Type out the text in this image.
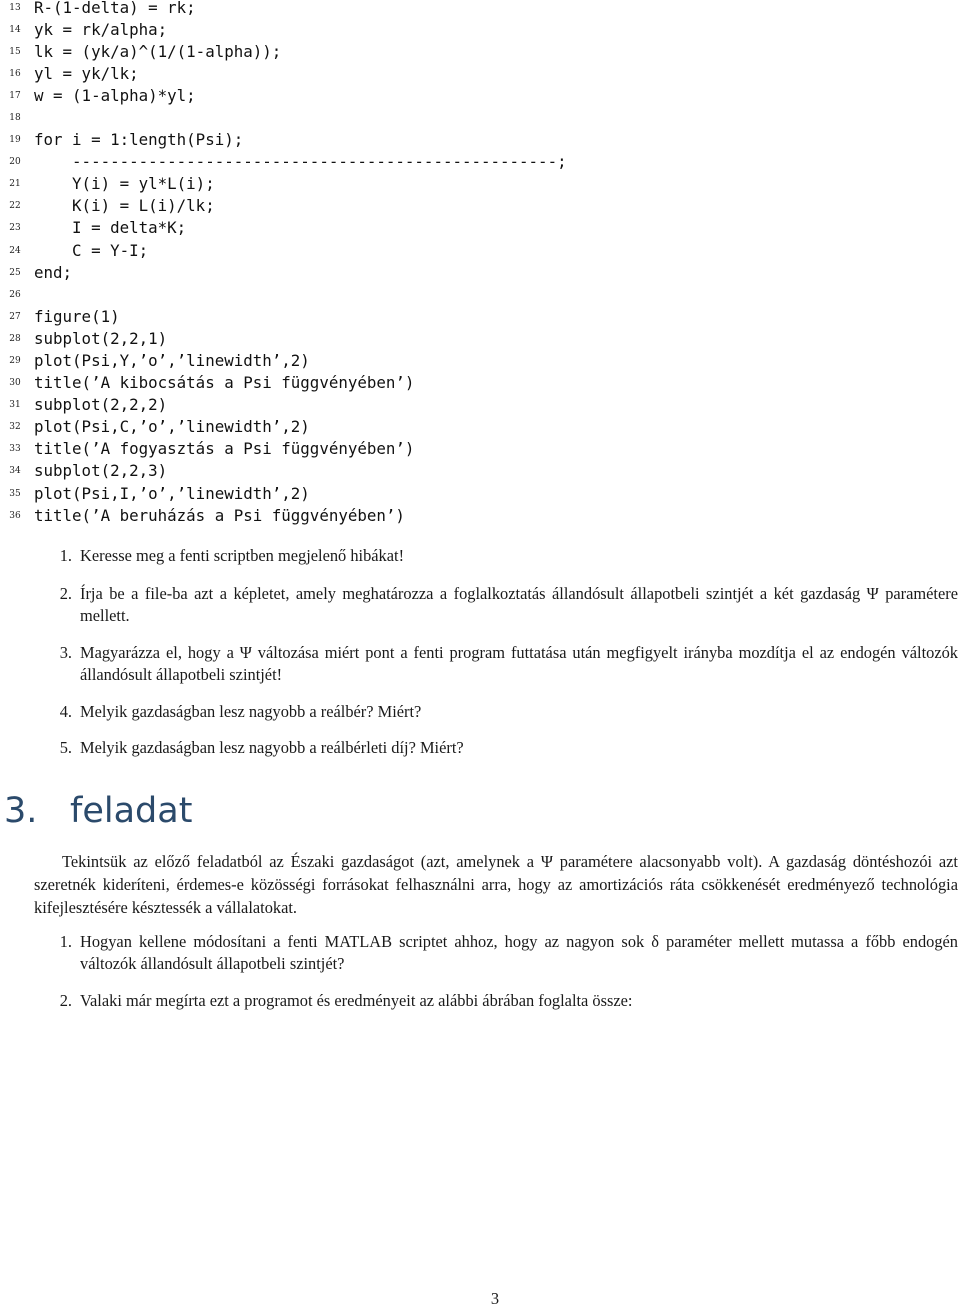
13 R-(1-delta) = rk;
14 yk = rk/alpha;
15 lk = (yk/a)^(1/(1-alpha));
16 yl = yk/lk;
17 w = (1-alpha)*yl;
18
19 for i = 1:length(Psi);
20 ---------------------------------------------------;
21 Y(i) = yl*L(i);
22 K(i) = L(i)/lk;
23 I = delta*K;
24 C = Y-I;
25 end;
26
27 figure(1)
28 subplot(2,2,1)
29 plot(Psi,Y,’o’,’linewidth’,2)
30 title(’A kibocsátás a Psi függvényében’)
31 subplot(2,2,2)
32 plot(Psi,C,’o’,’linewidth’,2)
33 title(’A fogyasztás a Psi függvényében’)
34 subplot(2,2,3)
35 plot(Psi,I,’o’,’linewidth’,2)
36 title(’A beruházás a Psi függvényében’)
1. Keresse meg a fenti scriptben megjelenő hibákat!
2. Írja be a file-ba azt a képletet, amely meghatározza a foglalkoztatás állandósult állapotbeli szintjét a két gazdaság Ψ paramétere mellett.
3. Magyarázza el, hogy a Ψ változása miért pont a fenti program futtatása után megfigyelt irányba mozdítja el az endogén változók állandósult állapotbeli szintjét!
4. Melyik gazdaságban lesz nagyobb a reálbér? Miért?
5. Melyik gazdaságban lesz nagyobb a reálbérleti díj? Miért?
3. feladat
Tekintsük az előző feladatból az Északi gazdaságot (azt, amelynek a Ψ paramétere alacsonyabb volt). A gazdaság döntéshozói azt szeretnék kideríteni, érdemes-e közösségi forrásokat felhasználni arra, hogy az amortizációs ráta csökkenését eredményező technológia kifejlesztésére késztessék a vállalatokat.
1. Hogyan kellene módosítani a fenti MATLAB scriptet ahhoz, hogy az nagyon sok δ paraméter mellett mutassa a főbb endogén változók állandósult állapotbeli szintjét?
2. Valaki már megírta ezt a programot és eredményeit az alábbi ábrában foglalta össze:
3
